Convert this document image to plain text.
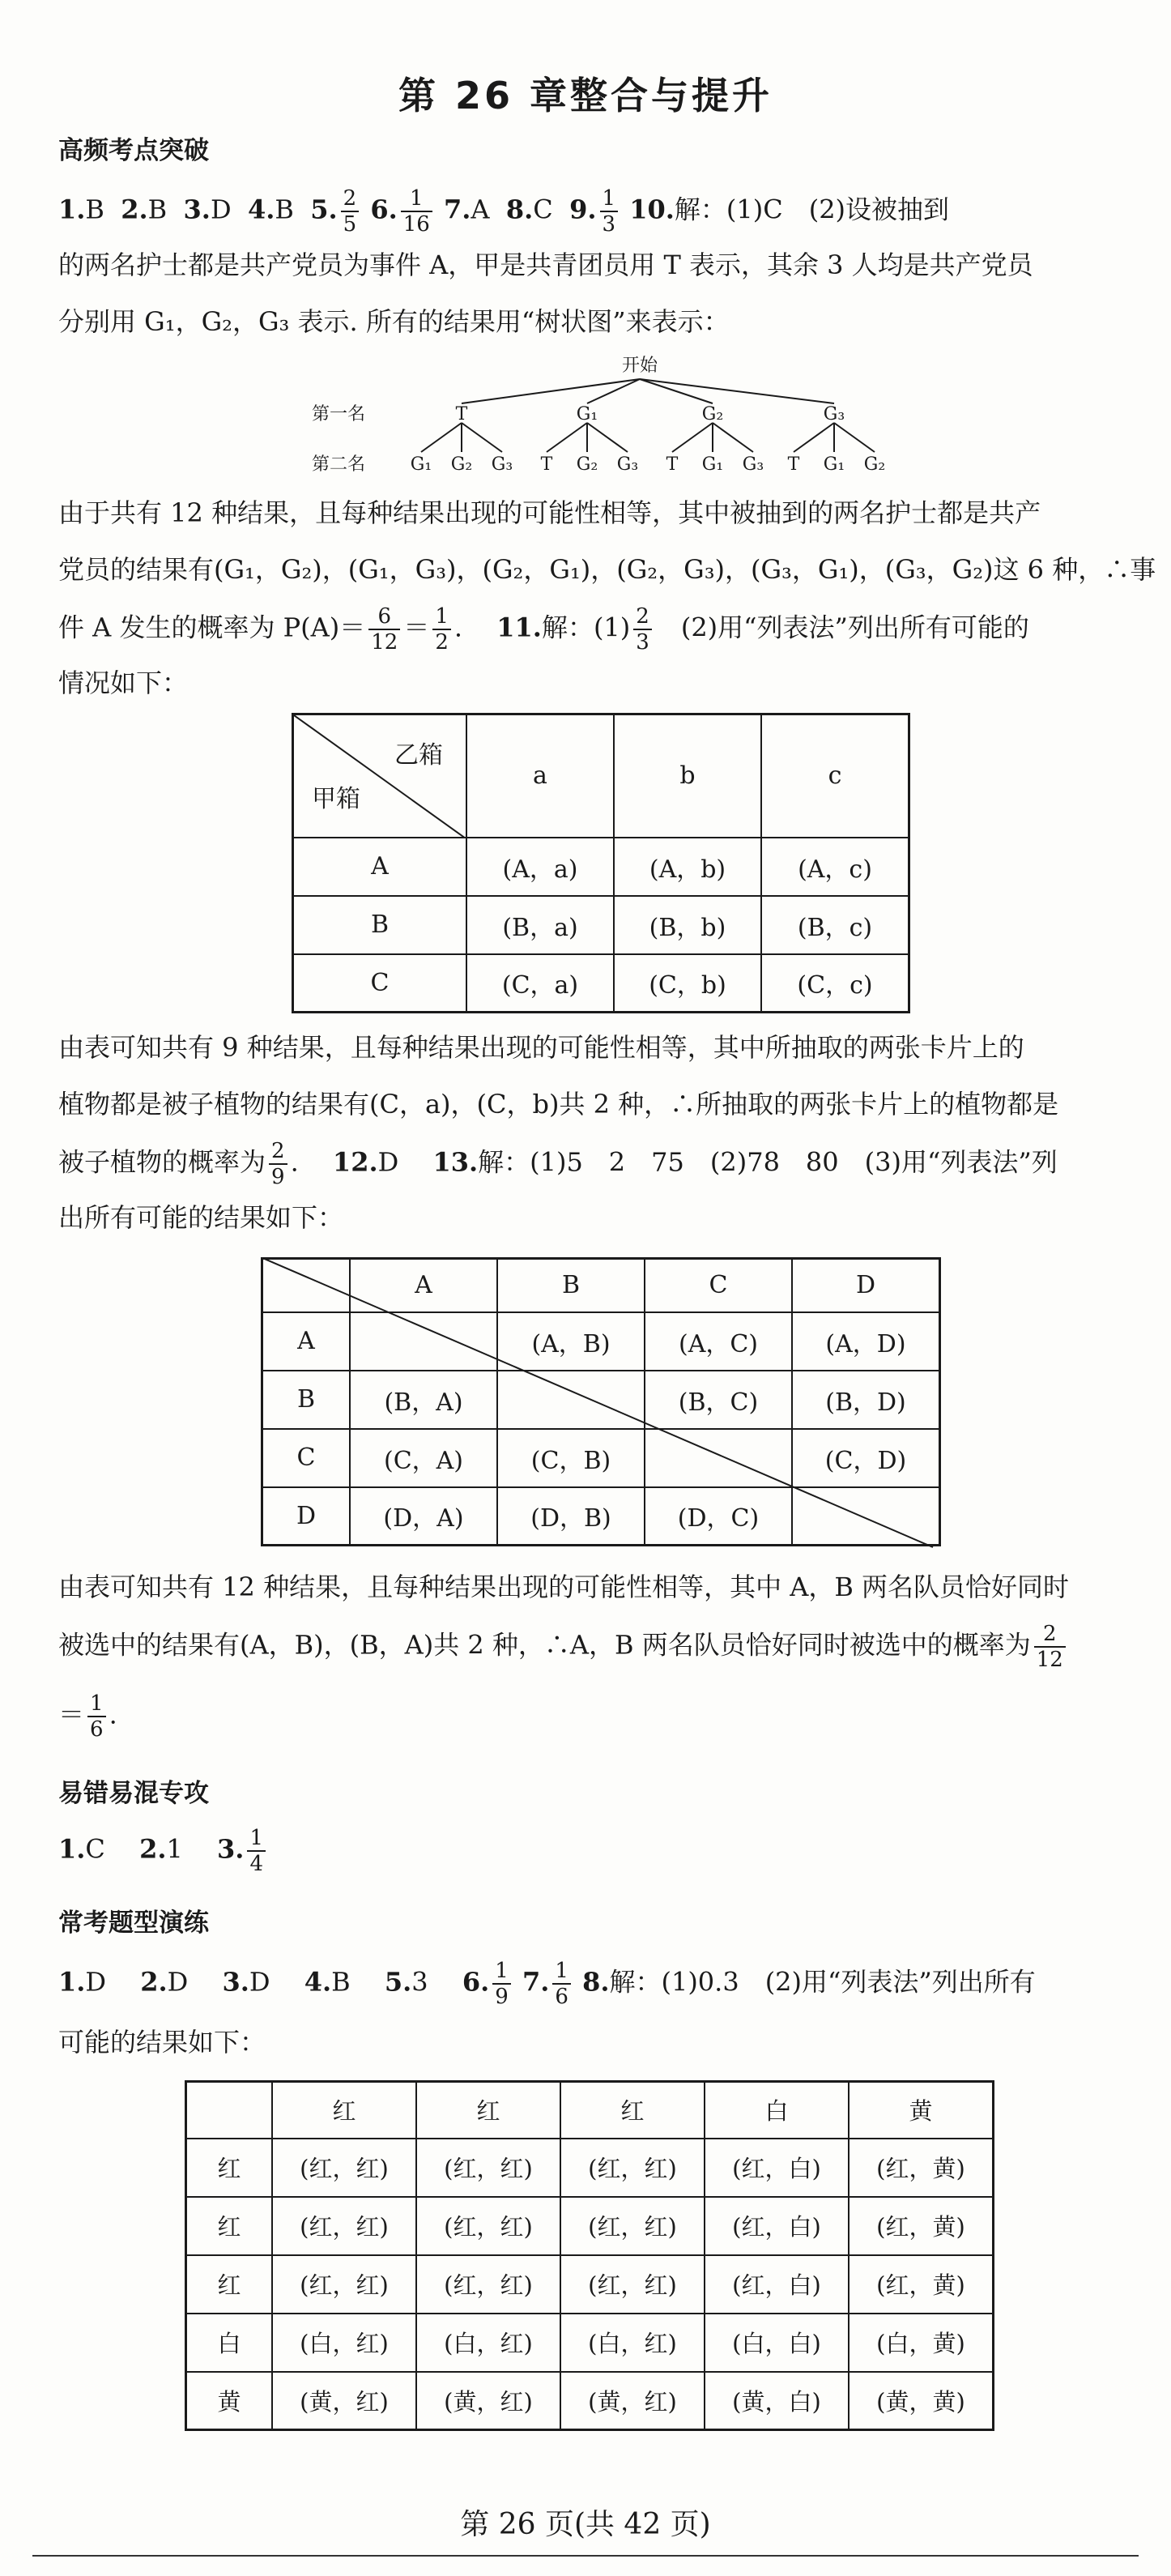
第 26 章整合与提升
高频考点突破
1.B 2.B 3.D 4.B 5. $\frac{2}{5} 6$. $\frac{1}{16} 7.A$ 8.C 9. $\frac{1}{3} 10$.解：(1)C　(2)设被抽到
的两名护士都是共产党员为事件 A，甲是共青团员用 T 表示，其余 3 人均是共产党员
分别用 G₁，G₂，G₃ 表示. 所有的结果用“树状图”来表示：
开始
第一名
第二名
T	G₁	G₂	G₃
G₁ G₂ G₃ T G₂ G₃ T G₁ G₃ T G₁ G₂
由于共有 12 种结果，且每种结果出现的可能性相等，其中被抽到的两名护士都是共产
党员的结果有(G₁，G₂)，(G₁，G₃)，(G₂，G₁)，(G₂，G₃)，(G₃，G₁)，(G₃，G₂)这 6 种，∴事
件 A 发生的概率为 $P(A)= \frac{6}{12} = \frac{1}{2}$ .　 11.解：$(1) \frac{2}{3}$ 　(2)用“列表法”列出所有可能的
情况如下：
乙箱
甲箱	a	b	c
A	(A，a)	(A，b)	(A，c)
B	(B，a)	(B，b)	(B，c)
C	(C，a)	(C，b)	(C，c)
由表可知共有 9 种结果，且每种结果出现的可能性相等，其中所抽取的两张卡片上的
植物都是被子植物的结果有(C，a)，(C，b)共 2 种，∴所抽取的两张卡片上的植物都是
被子植物的概率为 $\frac{2}{9}$ .　 12.D　 13.解：(1)5　2　75　(2)78　80　(3)用“列表法”列
出所有可能的结果如下：
	A	B	C	D
A		(A，B)	(A，C)	(A，D)
B	(B，A)		(B，C)	(B，D)
C	(C，A)	(C，B)		(C，D)
D	(D，A)	(D，B)	(D，C)	
由表可知共有 12 种结果，且每种结果出现的可能性相等，其中 A，B 两名队员恰好同时
被选中的结果有(A，B)，(B，A)共 2 种，∴A，B 两名队员恰好同时被选中的概率为 $\frac{2}{12}$
＝ $\frac{1}{6}$ .
易错易混专攻
1.C　 2.1　 3. $\frac{1}{4}$
常考题型演练
1.D　 2.D　 3.D　 4.B　 5.3　 6. $\frac{1}{9} 7$. $\frac{1}{6} 8$.解：(1)0.3　(2)用“列表法”列出所有
可能的结果如下：
	红	红	红	白	黄
红	(红，红)	(红，红)	(红，红)	(红，白)	(红，黄)
红	(红，红)	(红，红)	(红，红)	(红，白)	(红，黄)
红	(红，红)	(红，红)	(红，红)	(红，白)	(红，黄)
白	(白，红)	(白，红)	(白，红)	(白，白)	(白，黄)
黄	(黄，红)	(黄，红)	(黄，红)	(黄，白)	(黄，黄)
第 26 页(共 42 页)
